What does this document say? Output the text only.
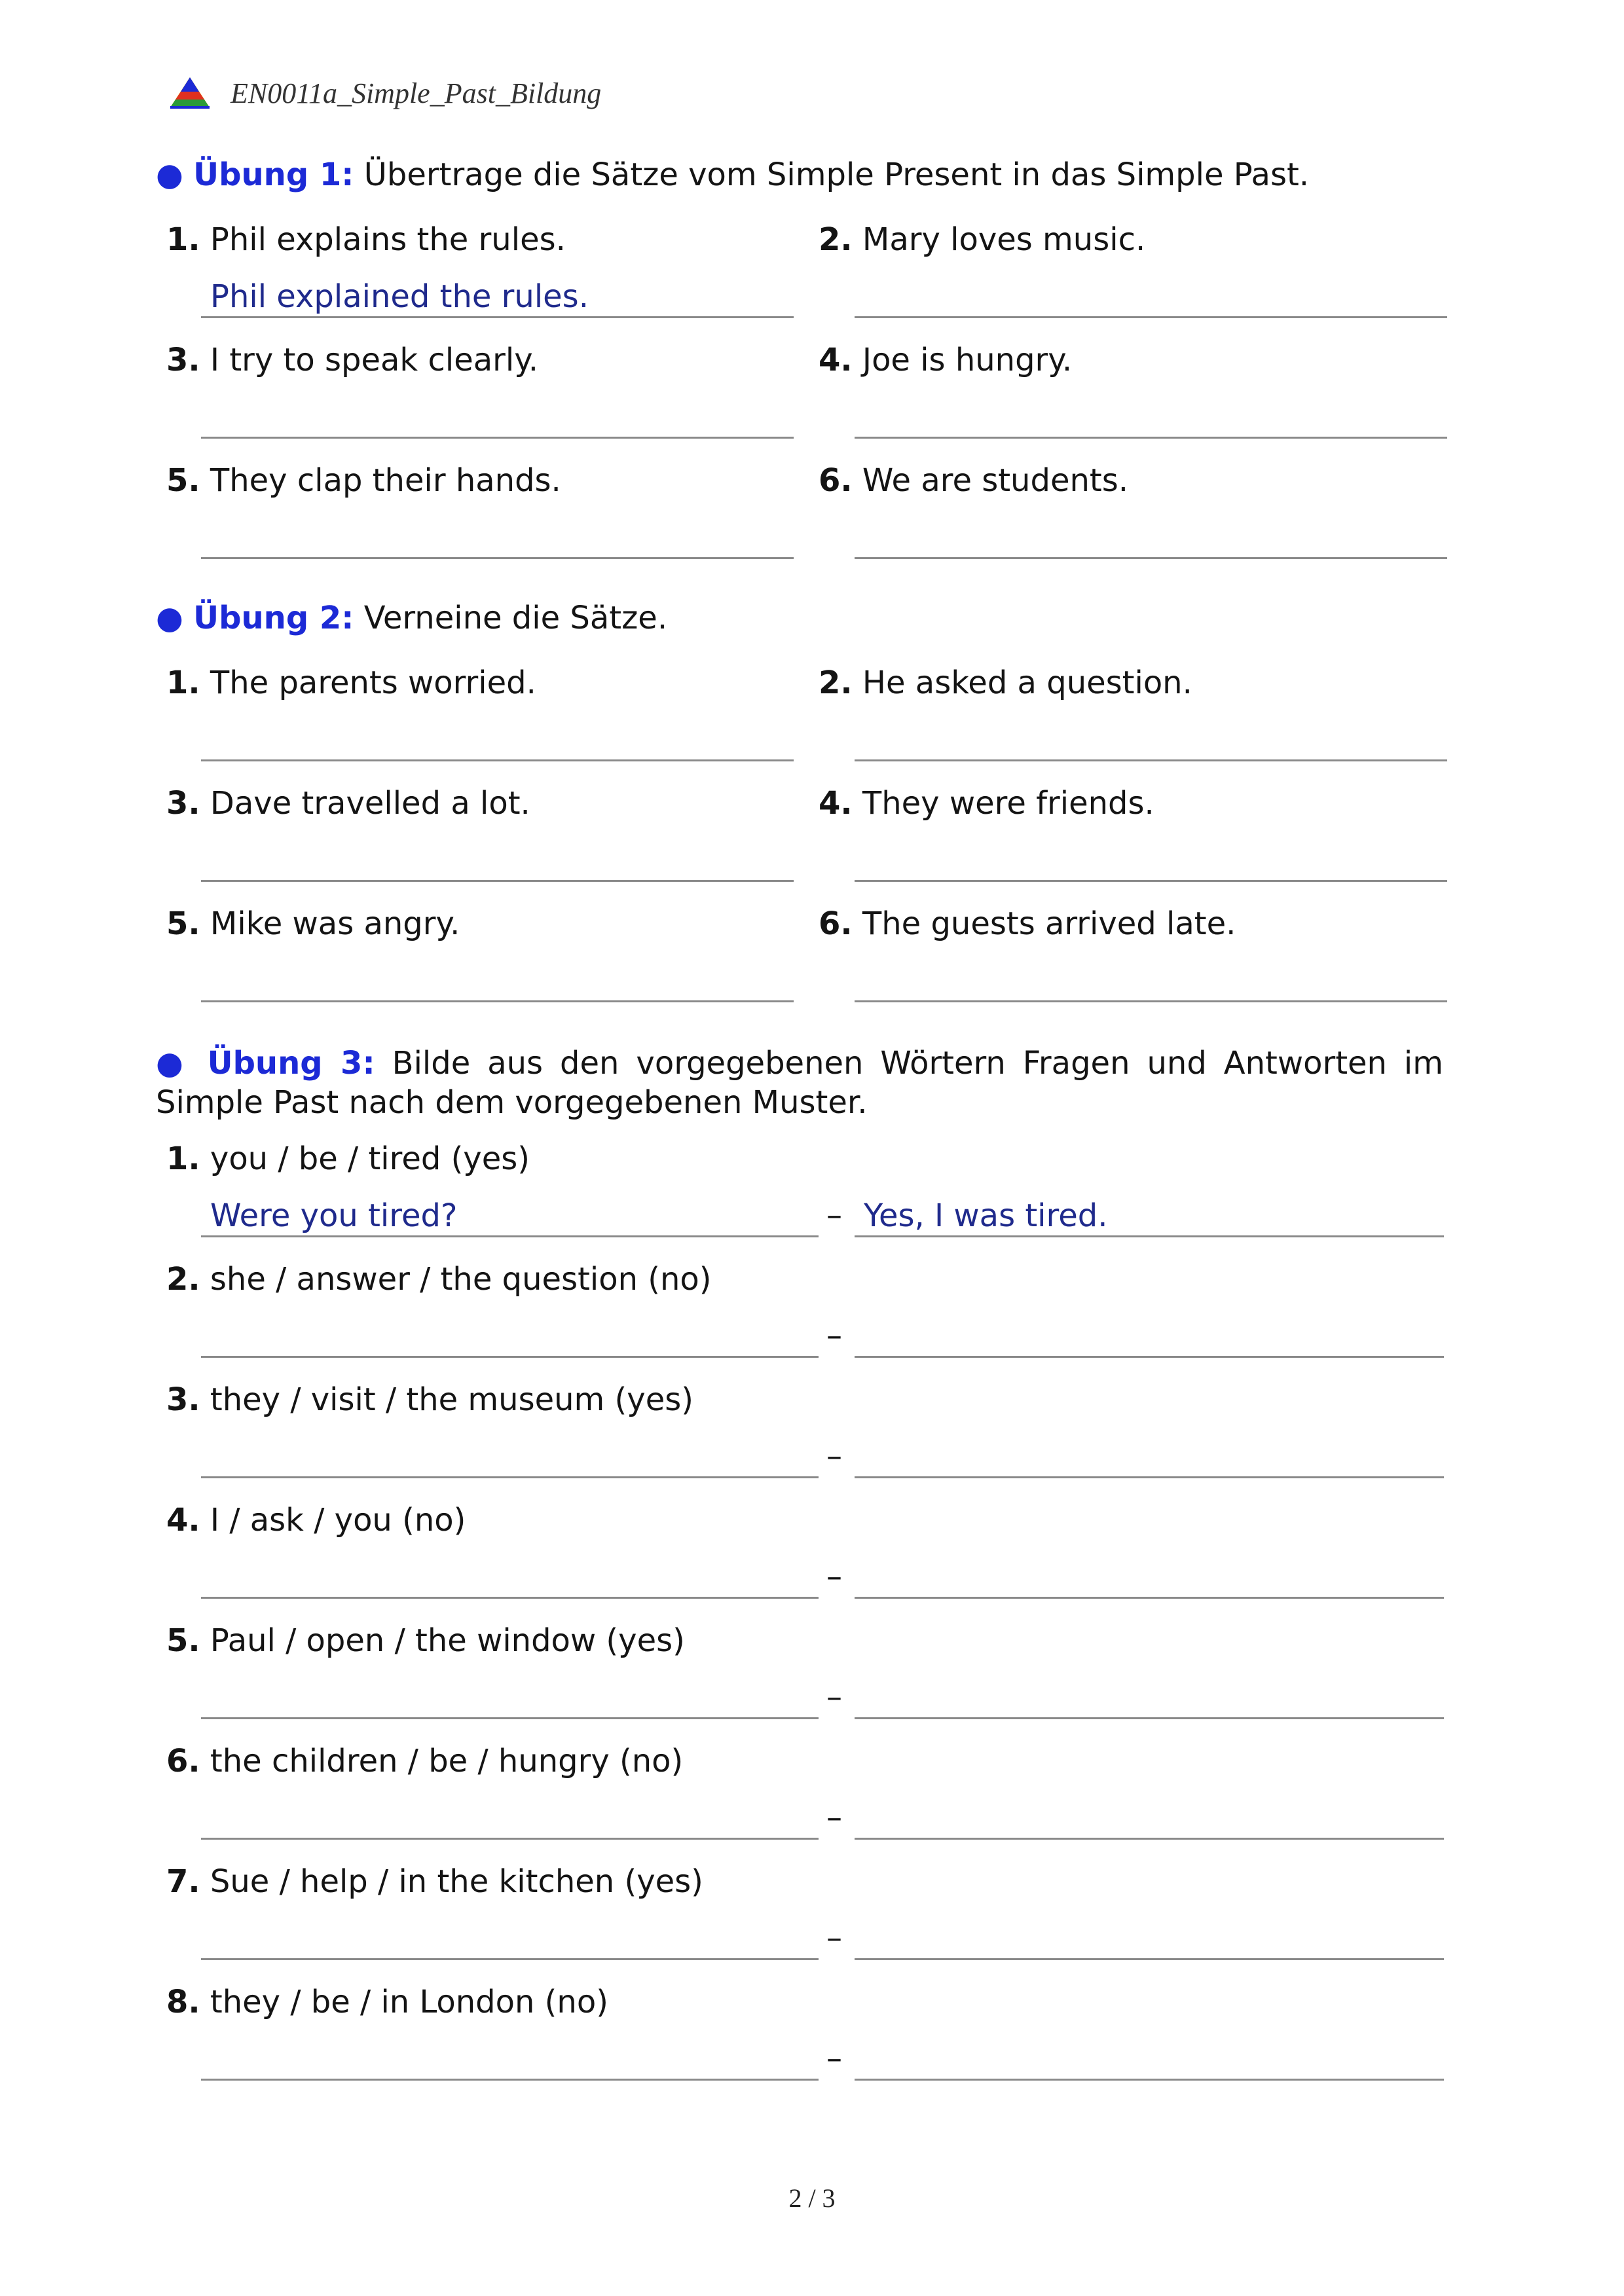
EN0011a_Simple_Past_Bildung
● Übung 1: Übertrage die Sätze vom Simple Present in das Simple Past.
1. Phil explains the rules.	2. Mary loves music.
Phil explained the rules.
3. I try to speak clearly.	4. Joe is hungry.
5. They clap their hands.	6. We are students.
● Übung 2: Verneine die Sätze.
1. The parents worried.	2. He asked a question.
3. Dave travelled a lot.	4. They were friends.
5. Mike was angry.	6. The guests arrived late.
● Übung 3: Bilde aus den vorgegebenen Wörtern Fragen und Antworten im Simple Past nach dem vorgegebenen Muster.
1. you / be / tired (yes)
Were you tired?	– Yes, I was tired.
2. she / answer / the question (no)
–
3. they / visit / the museum (yes)
–
4. I / ask / you (no)
–
5. Paul / open / the window (yes)
–
6. the children / be / hungry (no)
–
7. Sue / help / in the kitchen (yes)
–
8. they / be / in London (no)
–
2 / 3
